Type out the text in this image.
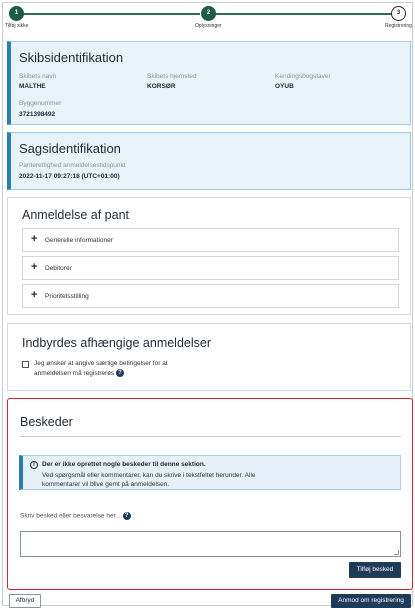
1
Tilføj sikke
2
Oplysninger
3
Registrering
Skibsidentifikation
Skibets navn
MALTHE
Skibets hjemsted
KORSØR
Kendingsbogstaver
OYUB
Byggenummer
3721398492
Sagsidentifikation
Panterettighed anmeldelsestidspunkt
2022-11-17 09:27:18 (UTC+01:00)
Anmeldelse af pant
+ Generelle informationer
+ Debitorer
+ Prioritetsstilling
Indbyrdes afhængige anmeldelser
Jeg ønsker at angive særlige betingelser for at
anmeldelsen må registreres ?
Beskeder
i	Der er ikke oprettet nogle beskeder til denne sektion.
Ved spørgsmål eller kommentarer, kan du skrive i tekstfeltet herunder. Alle
kommentarer vil blive gemt på anmeldelsen.
Skriv besked eller besvarelse her... ?
Tilføj besked
Afbryd	Anmod om registrering
